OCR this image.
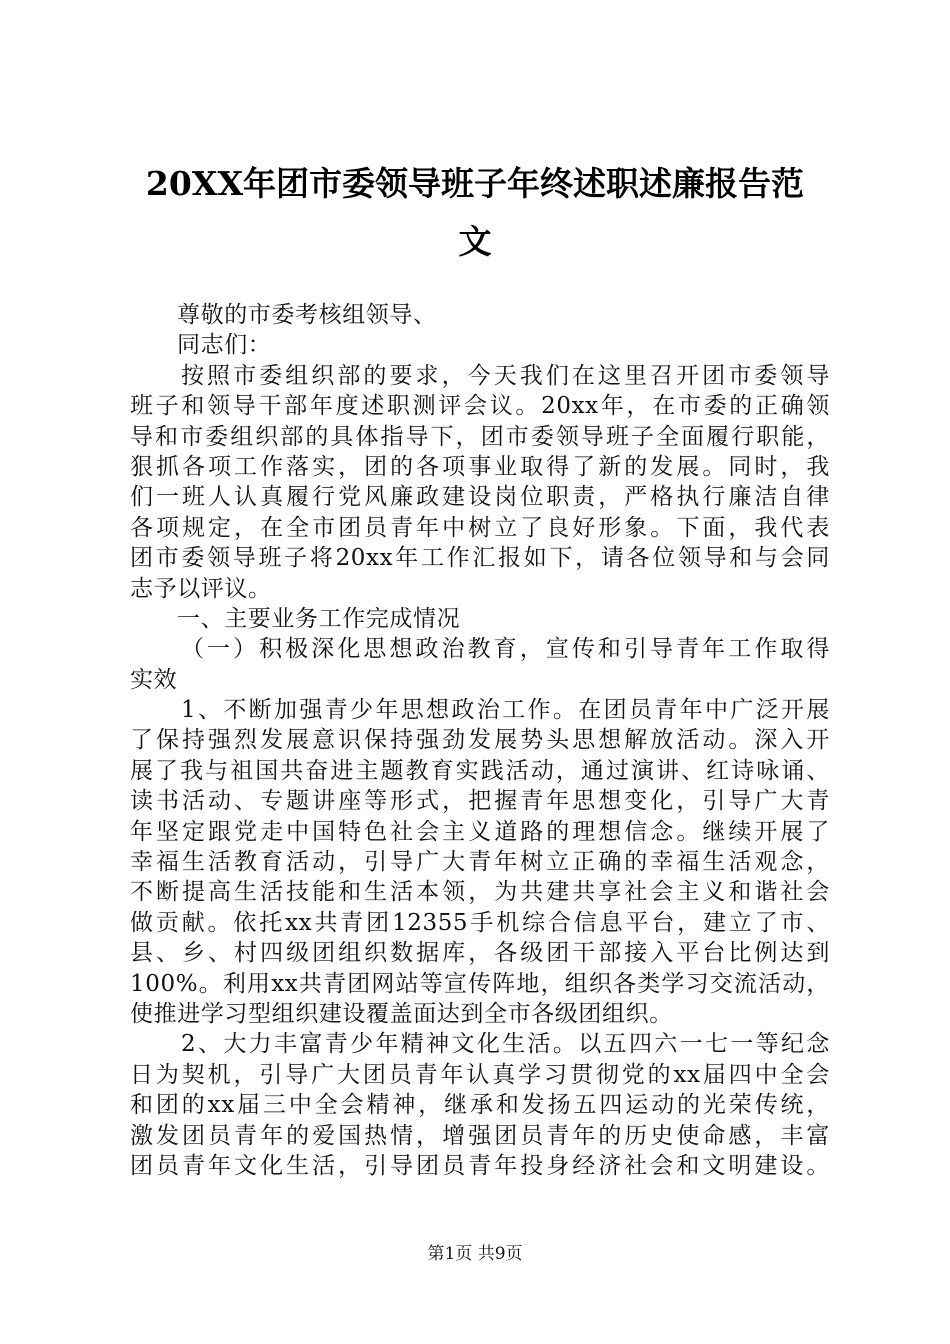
20XX年团市委领导班子年终述职述廉报告范
文
尊敬的市委考核组领导、
同志们：
按照市委组织部的要求，今天我们在这里召开团市委领导
班子和领导干部年度述职测评会议。20xx年，在市委的正确领
导和市委组织部的具体指导下，团市委领导班子全面履行职能，
狠抓各项工作落实，团的各项事业取得了新的发展。同时，我
们一班人认真履行党风廉政建设岗位职责，严格执行廉洁自律
各项规定，在全市团员青年中树立了良好形象。下面，我代表
团市委领导班子将20xx年工作汇报如下，请各位领导和与会同
志予以评议。
一、主要业务工作完成情况
（一）积极深化思想政治教育，宣传和引导青年工作取得
实效
1、不断加强青少年思想政治工作。在团员青年中广泛开展
了保持强烈发展意识保持强劲发展势头思想解放活动。深入开
展了我与祖国共奋进主题教育实践活动，通过演讲、红诗咏诵、
读书活动、专题讲座等形式，把握青年思想变化，引导广大青
年坚定跟党走中国特色社会主义道路的理想信念。继续开展了
幸福生活教育活动，引导广大青年树立正确的幸福生活观念，
不断提高生活技能和生活本领，为共建共享社会主义和谐社会
做贡献。依托xx共青团12355手机综合信息平台，建立了市、
县、乡、村四级团组织数据库，各级团干部接入平台比例达到
100%。利用xx共青团网站等宣传阵地，组织各类学习交流活动，
使推进学习型组织建设覆盖面达到全市各级团组织。
2、大力丰富青少年精神文化生活。以五四六一七一等纪念
日为契机，引导广大团员青年认真学习贯彻党的xx届四中全会
和团的xx届三中全会精神，继承和发扬五四运动的光荣传统，
激发团员青年的爱国热情，增强团员青年的历史使命感，丰富
团员青年文化生活，引导团员青年投身经济社会和文明建设。
第1页 共9页
